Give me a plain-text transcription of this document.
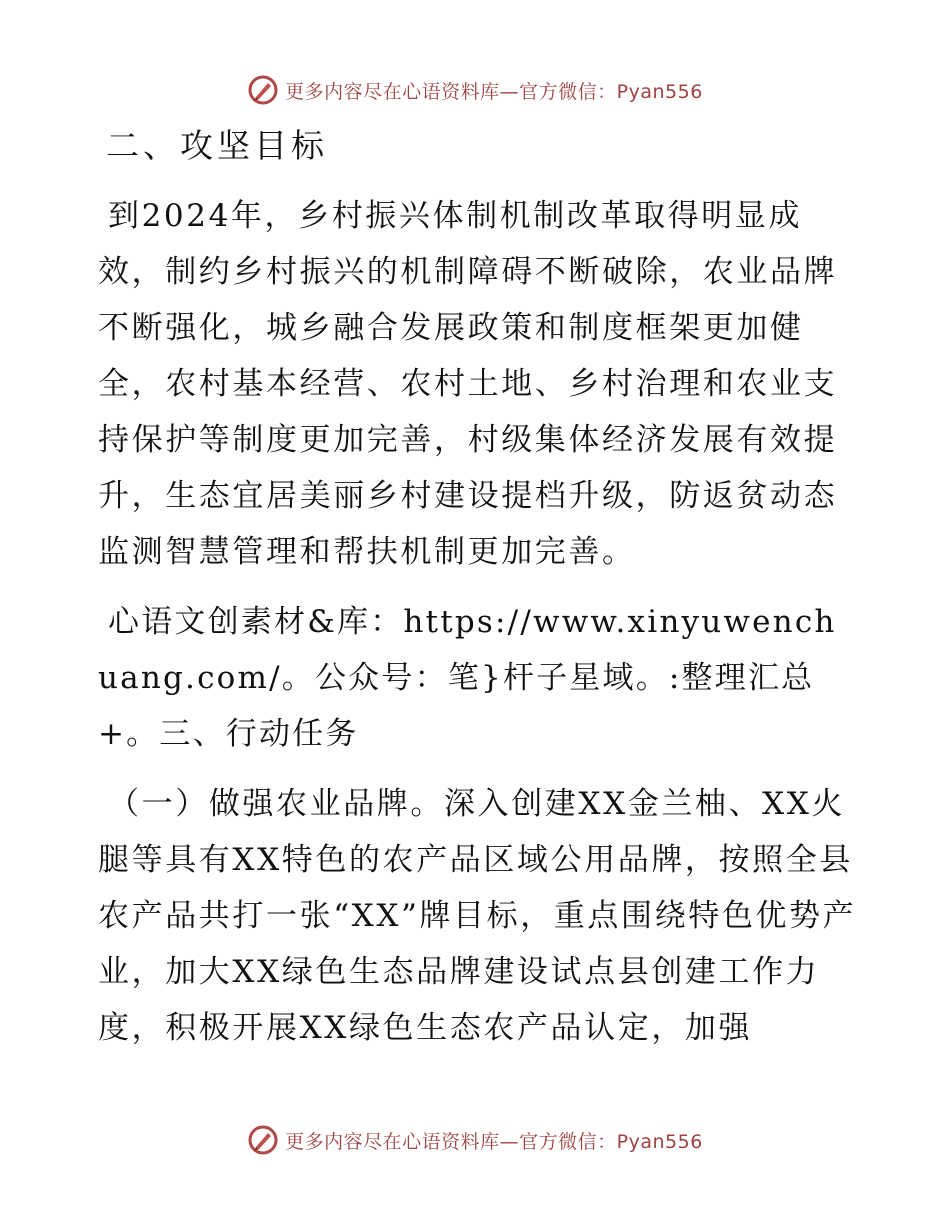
更多内容尽在心语资料库—官方微信：Pyan556
二、攻坚目标

到2024年，乡村振兴体制机制改革取得明显成效，制约乡村振兴的机制障碍不断破除，农业品牌不断强化，城乡融合发展政策和制度框架更加健全，农村基本经营、农村土地、乡村治理和农业支持保护等制度更加完善，村级集体经济发展有效提升，生态宜居美丽乡村建设提档升级，防返贫动态监测智慧管理和帮扶机制更加完善。

心语文创素材&库：https://www.xinyuwenchuang.com/。公众号：笔}杆子星域。:整理汇总+。三、行动任务

（一）做强农业品牌。深入创建XX金兰柚、XX火腿等具有XX特色的农产品区域公用品牌，按照全县农产品共打一张“XX”牌目标，重点围绕特色优势产业，加大XX绿色生态品牌建设试点县创建工作力度，积极开展XX绿色生态农产品认定，加强

更多内容尽在心语资料库—官方微信：Pyan556
